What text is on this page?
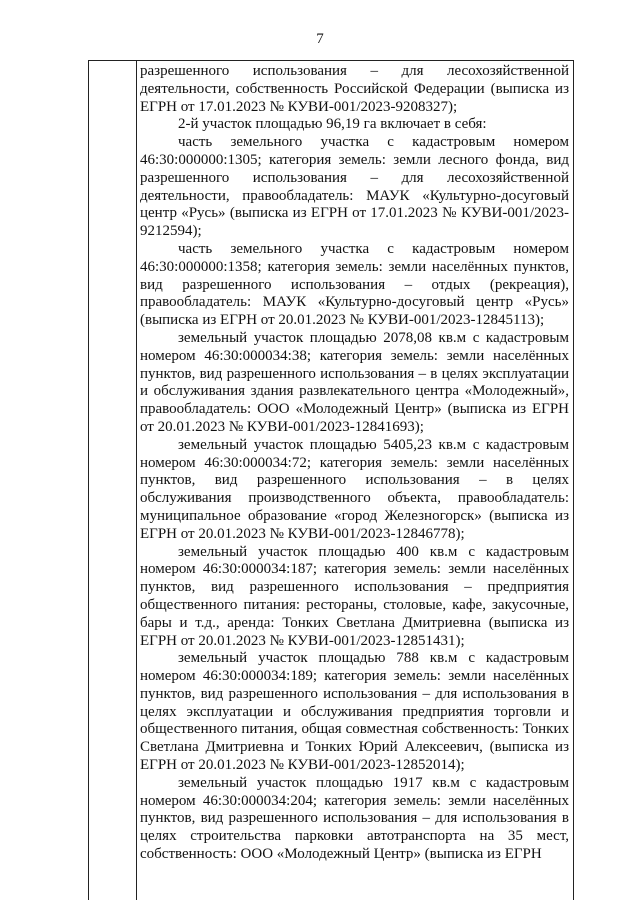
7

разрешенного использования – для лесохозяйственной деятельности, собственность Российской Федерации (выписка из ЕГРН от 17.01.2023 № КУВИ-001/2023-9208327);

2-й участок площадью 96,19 га включает в себя:

часть земельного участка с кадастровым номером 46:30:000000:1305; категория земель: земли лесного фонда, вид разрешенного использования – для лесохозяйственной деятельности, правообладатель: МАУК «Культурно-досуговый центр «Русь» (выписка из ЕГРН от 17.01.2023 № КУВИ-001/2023-9212594);

часть земельного участка с кадастровым номером 46:30:000000:1358; категория земель: земли населённых пунктов, вид разрешенного использования – отдых (рекреация), правообладатель: МАУК «Культурно-досуговый центр «Русь» (выписка из ЕГРН от 20.01.2023 № КУВИ-001/2023-12845113);

земельный участок площадью 2078,08 кв.м с кадастровым номером 46:30:000034:38; категория земель: земли населённых пунктов, вид разрешенного использования – в целях эксплуатации и обслуживания здания развлекательного центра «Молодежный», правообладатель: ООО «Молодежный Центр» (выписка из ЕГРН от 20.01.2023 № КУВИ-001/2023-12841693);

земельный участок площадью 5405,23 кв.м с кадастровым номером 46:30:000034:72; категория земель: земли населённых пунктов, вид разрешенного использования – в целях обслуживания производственного объекта, правообладатель: муниципальное образование «город Железногорск» (выписка из ЕГРН от 20.01.2023 № КУВИ-001/2023-12846778);

земельный участок площадью 400 кв.м с кадастровым номером 46:30:000034:187; категория земель: земли населённых пунктов, вид разрешенного использования – предприятия общественного питания: рестораны, столовые, кафе, закусочные, бары и т.д., аренда: Тонких Светлана Дмитриевна (выписка из ЕГРН от 20.01.2023 № КУВИ-001/2023-12851431);

земельный участок площадью 788 кв.м с кадастровым номером 46:30:000034:189; категория земель: земли населённых пунктов, вид разрешенного использования – для использования в целях эксплуатации и обслуживания предприятия торговли и общественного питания, общая совместная собственность: Тонких Светлана Дмитриевна и Тонких Юрий Алексеевич, (выписка из ЕГРН от 20.01.2023 № КУВИ-001/2023-12852014);

земельный участок площадью 1917 кв.м с кадастровым номером 46:30:000034:204; категория земель: земли населённых пунктов, вид разрешенного использования – для использования в целях строительства парковки автотранспорта на 35 мест, собственность: ООО «Молодежный Центр» (выписка из ЕГРН
